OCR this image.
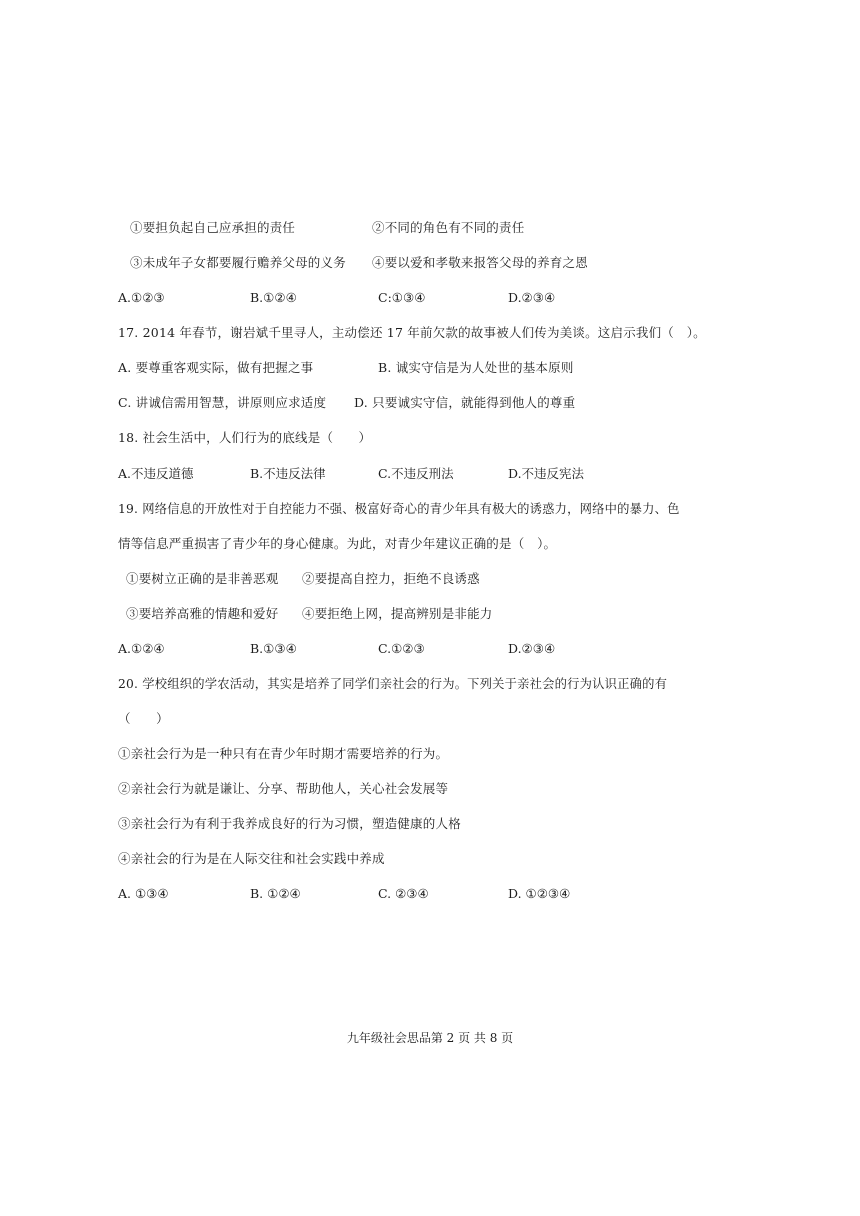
①要担负起自己应承担的责任	②不同的角色有不同的责任
③未成年子女都要履行赡养父母的义务 ④要以爱和孝敬来报答父母的养育之恩
A.①②③	B.①②④	C:①③④	D.②③④
17. 2014 年春节，谢岩斌千里寻人，主动偿还 17 年前欠款的故事被人们传为美谈。这启示我们（　）。
A. 要尊重客观实际，做有把握之事	B. 诚实守信是为人处世的基本原则
C. 讲诚信需用智慧，讲原则应求适度 D. 只要诚实守信，就能得到他人的尊重
18. 社会生活中，人们行为的底线是（　　）
A.不违反道德	B.不违反法律	C.不违反刑法	D.不违反宪法
19. 网络信息的开放性对于自控能力不强、极富好奇心的青少年具有极大的诱惑力，网络中的暴力、色
情等信息严重损害了青少年的身心健康。为此，对青少年建议正确的是（　）。
①要树立正确的是非善恶观 ②要提高自控力，拒绝不良诱惑
③要培养高雅的情趣和爱好 ④要拒绝上网，提高辨别是非能力
A.①②④	B.①③④	C.①②③	D.②③④
20. 学校组织的学农活动，其实是培养了同学们亲社会的行为。下列关于亲社会的行为认识正确的有
（　　）
①亲社会行为是一种只有在青少年时期才需要培养的行为。
②亲社会行为就是谦让、分享、帮助他人，关心社会发展等
③亲社会行为有利于我养成良好的行为习惯，塑造健康的人格
④亲社会的行为是在人际交往和社会实践中养成
A. ①③④	B. ①②④	C. ②③④	D. ①②③④
九年级社会思品第 2 页 共 8 页
